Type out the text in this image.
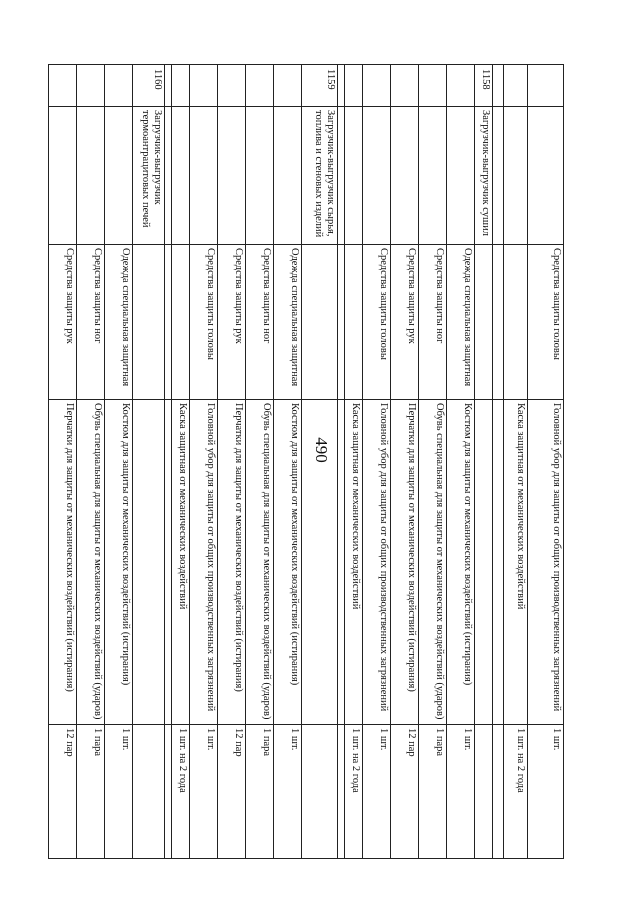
490
		Средства защиты головы	Головной убор для защиты от общих производственных загрязнений	1 шт.
			Каска защитная от механических воздействий	1 шт. на 2 года

1158	Загрузчик-выгрузчик сушил			
		Одежда специальная защитная	Костюм для защиты от механических воздействий (истирания)	1 шт.
		Средства защиты ног	Обувь специальная для защиты от механических воздействий (ударов)	1 пара
		Средства защиты рук	Перчатки для защиты от механических воздействий (истирания)	12 пар
		Средства защиты головы	Головной убор для защиты от общих производственных загрязнений	1 шт.
			Каска защитная от механических воздействий	1 шт. на 2 года

1159	Загрузчик-выгрузчик сырья, топлива и стеновых изделий			
		Одежда специальная защитная	Костюм для защиты от механических воздействий (истирания)	1 шт.
		Средства защиты ног	Обувь специальная для защиты от механических воздействий (ударов)	1 пара
		Средства защиты рук	Перчатки для защиты от механических воздействий (истирания)	12 пар
		Средства защиты головы	Головной убор для защиты от общих производственных загрязнений	1 шт.
			Каска защитная от механических воздействий	1 шт. на 2 года

1160	Загрузчик-выгрузчик термоантрацитовых печей			
		Одежда специальная защитная	Костюм для защиты от механических воздействий (истирания)	1 шт.
		Средства защиты ног	Обувь специальная для защиты от механических воздействий (ударов)	1 пара
		Средства защиты рук	Перчатки для защиты от механических воздействий (истирания)	12 пар
